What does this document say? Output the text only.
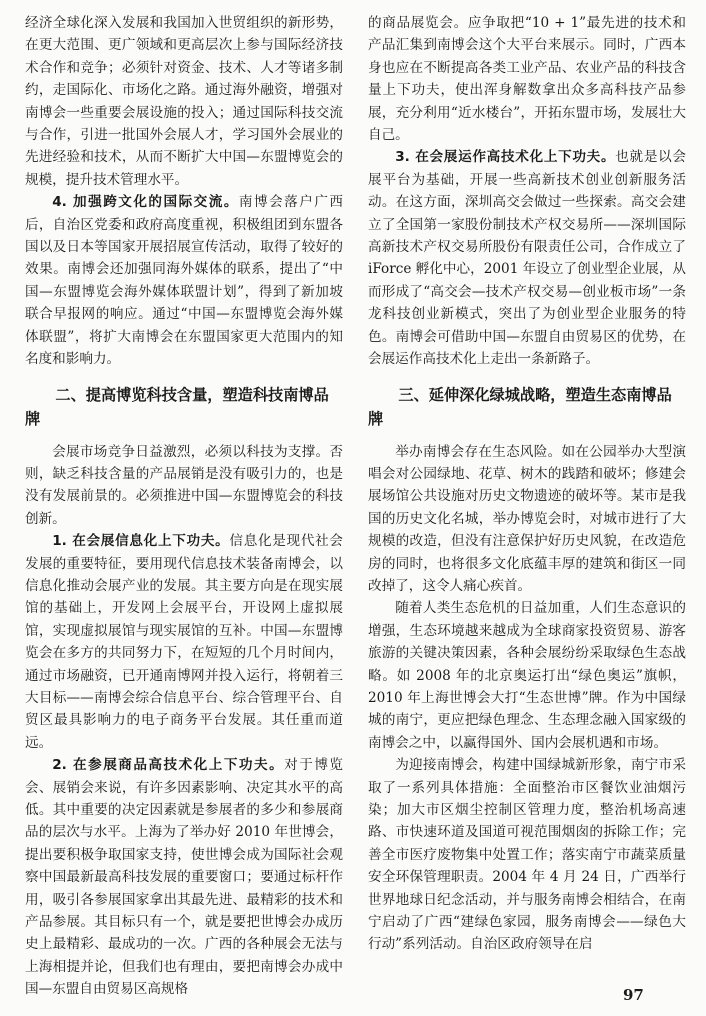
经济全球化深入发展和我国加入世贸组织的新形势，在更大范围、更广领域和更高层次上参与国际经济技术合作和竞争；必须针对资金、技术、人才等诸多制约，走国际化、市场化之路。通过海外融资，增强对南博会一些重要会展设施的投入；通过国际科技交流与合作，引进一批国外会展人才，学习国外会展业的先进经验和技术，从而不断扩大中国—东盟博览会的规模，提升技术管理水平。

4. 加强跨文化的国际交流。南博会落户广西后，自治区党委和政府高度重视，积极组团到东盟各国以及日本等国家开展招展宣传活动，取得了较好的效果。南博会还加强同海外媒体的联系，提出了“中国—东盟博览会海外媒体联盟计划”，得到了新加坡联合早报网的响应。通过“中国—东盟博览会海外媒体联盟”，将扩大南博会在东盟国家更大范围内的知名度和影响力。

二、提高博览科技含量，塑造科技南博品牌

会展市场竞争日益激烈，必须以科技为支撑。否则，缺乏科技含量的产品展销是没有吸引力的，也是没有发展前景的。必须推进中国—东盟博览会的科技创新。

1. 在会展信息化上下功夫。信息化是现代社会发展的重要特征，要用现代信息技术装备南博会，以信息化推动会展产业的发展。其主要方向是在现实展馆的基础上，开发网上会展平台，开设网上虚拟展馆，实现虚拟展馆与现实展馆的互补。中国—东盟博览会在多方的共同努力下，在短短的几个月时间内，通过市场融资，已开通南博网并投入运行，将朝着三大目标——南博会综合信息平台、综合管理平台、自贸区最具影响力的电子商务平台发展。其任重而道远。

2. 在参展商品高技术化上下功夫。对于博览会、展销会来说，有许多因素影响、决定其水平的高低。其中重要的决定因素就是参展者的多少和参展商品的层次与水平。上海为了举办好 2010 年世博会，提出要积极争取国家支持，使世博会成为国际社会观察中国最新最高科技发展的重要窗口；要通过标杆作用，吸引各参展国家拿出其最先进、最精彩的技术和产品参展。其目标只有一个，就是要把世博会办成历史上最精彩、最成功的一次。广西的各种展会无法与上海相提并论，但我们也有理由，要把南博会办成中国—东盟自由贸易区高规格

的商品展览会。应争取把“10 + 1”最先进的技术和产品汇集到南博会这个大平台来展示。同时，广西本身也应在不断提高各类工业产品、农业产品的科技含量上下功夫，使出浑身解数拿出众多高科技产品参展，充分利用“近水楼台”，开拓东盟市场，发展壮大自己。

3. 在会展运作高技术化上下功夫。也就是以会展平台为基础，开展一些高新技术创业创新服务活动。在这方面，深圳高交会做过一些探索。高交会建立了全国第一家股份制技术产权交易所——深圳国际高新技术产权交易所股份有限责任公司，合作成立了 iForce 孵化中心，2001 年设立了创业型企业展，从而形成了“高交会—技术产权交易—创业板市场”一条龙科技创业新模式，突出了为创业型企业服务的特色。南博会可借助中国—东盟自由贸易区的优势，在会展运作高技术化上走出一条新路子。

三、延伸深化绿城战略，塑造生态南博品牌

举办南博会存在生态风险。如在公园举办大型演唱会对公园绿地、花草、树木的践踏和破坏；修建会展场馆公共设施对历史文物遗迹的破坏等。某市是我国的历史文化名城，举办博览会时，对城市进行了大规模的改造，但没有注意保护好历史风貌，在改造危房的同时，也将很多文化底蕴丰厚的建筑和街区一同改掉了，这令人痛心疾首。

随着人类生态危机的日益加重，人们生态意识的增强，生态环境越来越成为全球商家投资贸易、游客旅游的关键决策因素，各种会展纷纷采取绿色生态战略。如 2008 年的北京奥运打出“绿色奥运”旗帜，2010 年上海世博会大打“生态世博”牌。作为中国绿城的南宁，更应把绿色理念、生态理念融入国家级的南博会之中，以赢得国外、国内会展机遇和市场。

为迎接南博会，构建中国绿城新形象，南宁市采取了一系列具体措施：全面整治市区餐饮业油烟污染；加大市区烟尘控制区管理力度，整治机场高速路、市快速环道及国道可视范围烟囱的拆除工作；完善全市医疗废物集中处置工作；落实南宁市蔬菜质量安全环保管理职责。2004 年 4 月 24 日，广西举行世界地球日纪念活动，并与服务南博会相结合，在南宁启动了广西“建绿色家园，服务南博会——绿色大行动”系列活动。自治区政府领导在启

97
